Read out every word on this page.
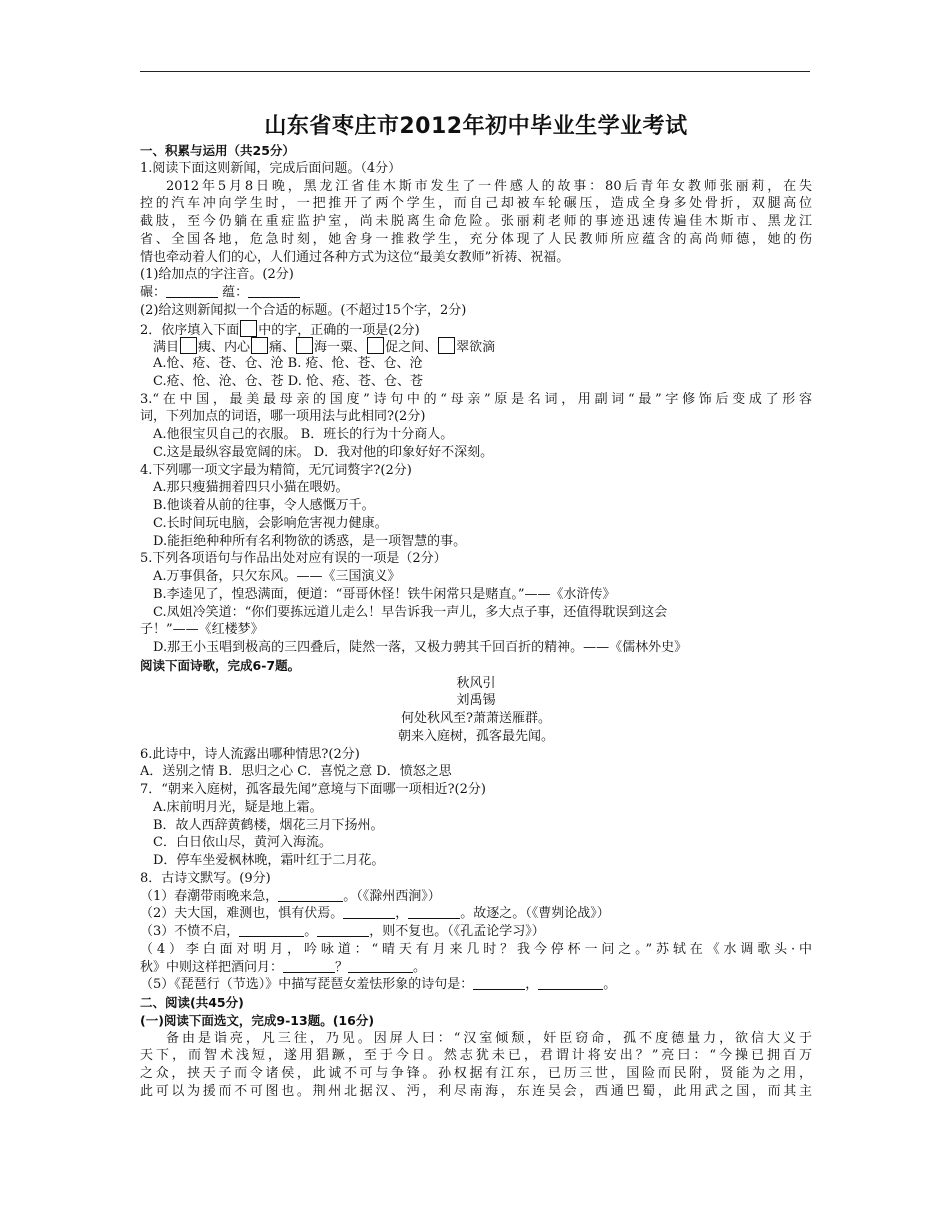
山东省枣庄市2012年初中毕业生学业考试
一、积累与运用（共25分）
1.阅读下面这则新闻，完成后面问题。（4分）
2012年5月8日晚，黑龙江省佳木斯市发生了一件感人的故事：80后青年女教师张丽莉，在失
控的汽车冲向学生时，一把推开了两个学生，而自己却被车轮碾压，造成全身多处骨折，双腿高位
截肢，至今仍躺在重症监护室，尚未脱离生命危险。张丽莉老师的事迹迅速传遍佳木斯市、黑龙江
省、全国各地，危急时刻，她舍身一推救学生，充分体现了人民教师所应蕴含的高尚师德，她的伤
情也牵动着人们的心，人们通过各种方式为这位“最美女教师”祈祷、祝福。
(1)给加点的字注音。(2分)
碾：	蕴：
(2)给这则新闻拟一个合适的标题。(不超过15个字，2分)
2．依序填入下面 中的字，正确的一项是(2分)
满目 痍、内心 痛、 海一粟、 促之间、 翠欲滴
A.怆、疮、苍、仓、沧 B. 疮、怆、苍、仓、沧
C.疮、怆、沧、仓、苍 D. 怆、疮、苍、仓、苍
3.“在中国，最美最母亲的国度”诗句中的“母亲”原是名词，用副词“最”字修饰后变成了形容
词，下列加点的词语，哪一项用法与此相同?(2分)
A.他很宝贝自己的衣服。 B．班长的行为十分商人。
C.这是最纵容最宽阔的床。 D．我对他的印象好好不深刻。
4.下列哪一项文字最为精简，无冗词赘字?(2分)
A.那只瘦猫拥着四只小猫在喂奶。
B.他谈着从前的往事，令人感慨万千。
C.长时间玩电脑，会影响危害视力健康。
D.能拒绝种种所有名利物欲的诱惑，是一项智慧的事。
5.下列各项语句与作品出处对应有误的一项是（2分）
A.万事俱备，只欠东风。——《三国演义》
B.李逵见了，惶恐满面，便道：“哥哥休怪！铁牛闲常只是赌直。”——《水浒传》
C.凤姐冷笑道：“你们要拣远道儿走么！早告诉我一声儿，多大点子事，还值得耽误到这会
子！”——《红楼梦》
D.那王小玉唱到极高的三四叠后，陡然一落，又极力骋其千回百折的精神。——《儒林外史》
阅读下面诗歌，完成6-7题。
秋风引
刘禹锡
何处秋风至?萧萧送雁群。
朝来入庭树，孤客最先闻。
6.此诗中，诗人流露出哪种情思?(2分)
A．送别之情 B．思归之心 C．喜悦之意 D．愤怒之思
7．“朝来入庭树，孤客最先闻”意境与下面哪一项相近?(2分)
A.床前明月光，疑是地上霜。
B．故人西辞黄鹤楼，烟花三月下扬州。
C．白日依山尽，黄河入海流。
D．停车坐爱枫林晚，霜叶红于二月花。
8．古诗文默写。(9分)
（1）春潮带雨晚来急，	。（《滁州西涧》）
（2）夫大国，难测也，惧有伏焉。	，	。故逐之。（《曹刿论战》）
（3）不愤不启，	。	，则不复也。（《孔孟论学习》）
（4）李白面对明月，吟咏道：“晴天有月来几时？我今停杯一问之。”苏轼在《水调歌头·中
秋》中则这样把酒问月：	？	。
（5）《琵琶行（节选）》中描写琵琶女羞怯形象的诗句是：	，	。
二、阅读(共45分)
(一)阅读下面选文，完成9-13题。(16分)
备由是诣亮，凡三往，乃见。因屏人曰：“汉室倾颓，奸臣窃命，孤不度德量力，欲信大义于
天下，而智术浅短，遂用猖蹶，至于今日。然志犹未已，君谓计将安出？”亮曰：“今操已拥百万
之众，挟天子而令诸侯，此诚不可与争锋。孙权据有江东，已历三世，国险而民附，贤能为之用，
此可以为援而不可图也。荆州北据汉、沔，利尽南海，东连吴会，西通巴蜀，此用武之国，而其主
